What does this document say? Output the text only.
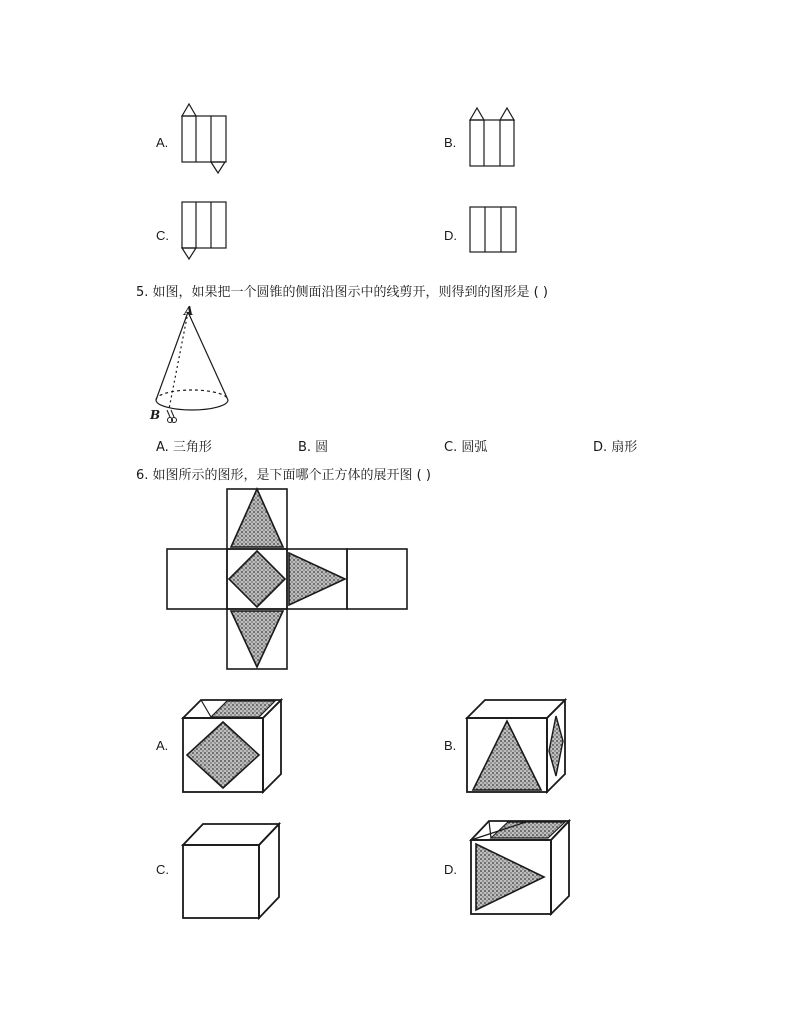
A.	B.
C.	D.
5. 如图，如果把一个圆锥的侧面沿图示中的线剪开，则得到的图形是 ( )
A
B
A. 三角形	B. 圆	C. 圆弧	D. 扇形
6. 如图所示的图形，是下面哪个正方体的展开图 ( )
A.	B.
C.	D.
